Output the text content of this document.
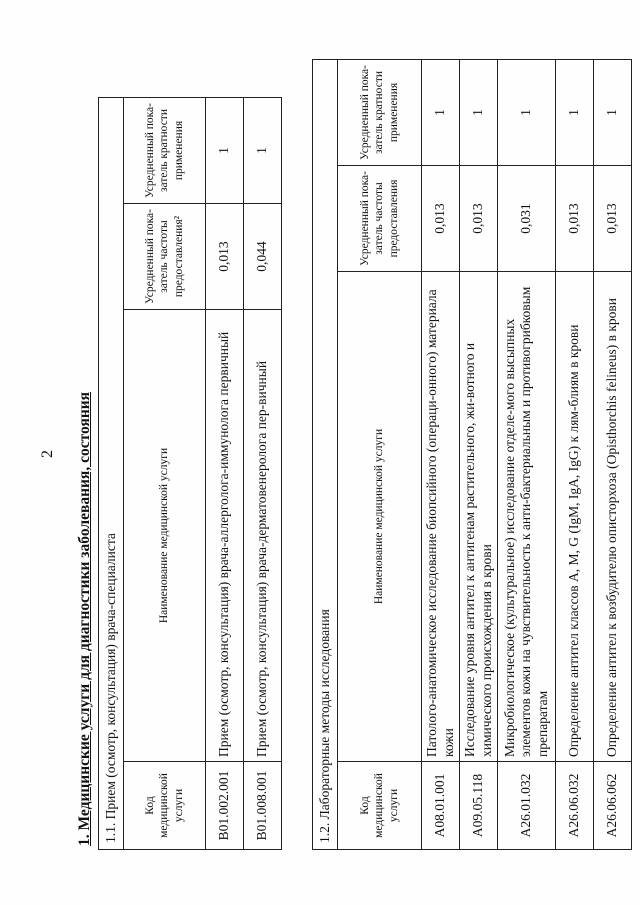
2 1. Медицинские услуги для диагностики заболевания, состояния 1.1. Прием (осмотр, консультация) врача-специалиста			
Код медицинской услуги	Наименование медицинской услуги	Усредненный пока-затель частоты предоставления²	Усредненный пока-затель кратности применения
B01.002.001	Прием (осмотр, консультация) врача-аллерголога-иммунолога первичный	0,013	1
B01.008.001	Прием (осмотр, консультация) врача-дерматовенеролога пер-вичный	0,044	1
1.2. Лабораторные методы исследования			
Код медицинской услуги	Наименование медицинской услуги	Усредненный пока-затель частоты предоставления	Усредненный пока-затель кратности применения
A08.01.001	Патолого-анатомическое исследование биопсийного (операци-онного) материала кожи	0,013	1
A09.05.118	Исследование уровня антител к антигенам растительного, жи-вотного и химического происхождения в крови	0,013	1
A26.01.032	Микробиологическое (культуральное) исследование отделе-мого высыпных элементов кожи на чувствительность к анти-бактериальным и противогрибковым препаратам	0,031	1
A26.06.032	Определение антител классов A, M, G (IgM, IgA, IgG) к лям-блиям в крови	0,013	1
A26.06.062	Определение антител к возбудителю описторхоза (Opisthorchis felineus) в крови	0,013	1
